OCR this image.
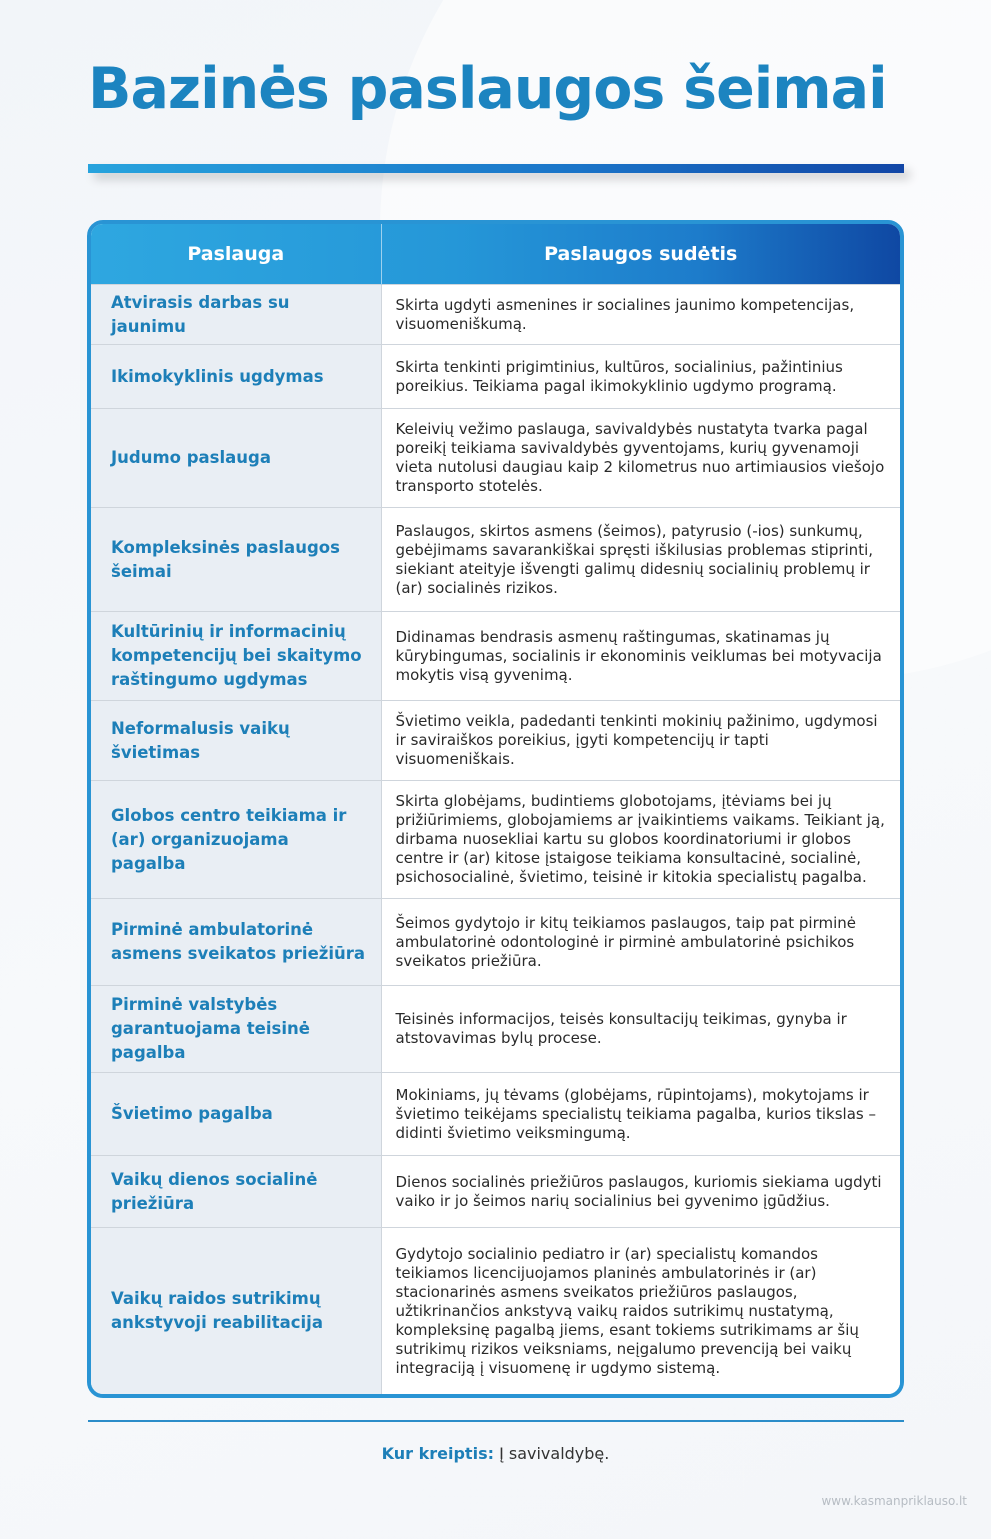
Bazinės paslaugos šeimai
Paslauga	Paslaugos sudėtis
Atvirasis darbas su jaunimu	Skirta ugdyti asmenines ir socialines jaunimo kompetencijas, visuomeniškumą.
Ikimokyklinis ugdymas	Skirta tenkinti prigimtinius, kultūros, socialinius, pažintinius poreikius. Teikiama pagal ikimokyklinio ugdymo programą.
Judumo paslauga	Keleivių vežimo paslauga, savivaldybės nustatyta tvarka pagal poreikį teikiama savivaldybės gyventojams, kurių gyvenamoji vieta nutolusi daugiau kaip 2 kilometrus nuo artimiausios viešojo transporto stotelės.
Kompleksinės paslaugos šeimai	Paslaugos, skirtos asmens (šeimos), patyrusio (-ios) sunkumų, gebėjimams savarankiškai spręsti iškilusias problemas stiprinti, siekiant ateityje išvengti galimų didesnių socialinių problemų ir (ar) socialinės rizikos.
Kultūrinių ir informacinių kompetencijų bei skaitymo raštingumo ugdymas	Didinamas bendrasis asmenų raštingumas, skatinamas jų kūrybingumas, socialinis ir ekonominis veiklumas bei motyvacija mokytis visą gyvenimą.
Neformalusis vaikų švietimas	Švietimo veikla, padedanti tenkinti mokinių pažinimo, ugdymosi ir saviraiškos poreikius, įgyti kompetencijų ir tapti visuomeniškais.
Globos centro teikiama ir (ar) organizuojama pagalba	Skirta globėjams, budintiems globotojams, įtėviams bei jų prižiūrimiems, globojamiems ar įvaikintiems vaikams. Teikiant ją, dirbama nuosekliai kartu su globos koordinatoriumi ir globos centre ir (ar) kitose įstaigose teikiama konsultacinė, socialinė, psichosocialinė, švietimo, teisinė ir kitokia specialistų pagalba.
Pirminė ambulatorinė asmens sveikatos priežiūra	Šeimos gydytojo ir kitų teikiamos paslaugos, taip pat pirminė ambulatorinė odontologinė ir pirminė ambulatorinė psichikos sveikatos priežiūra.
Pirminė valstybės garantuojama teisinė pagalba	Teisinės informacijos, teisės konsultacijų teikimas, gynyba ir atstovavimas bylų procese.
Švietimo pagalba	Mokiniams, jų tėvams (globėjams, rūpintojams), mokytojams ir švietimo teikėjams specialistų teikiama pagalba, kurios tikslas – didinti švietimo veiksmingumą.
Vaikų dienos socialinė priežiūra	Dienos socialinės priežiūros paslaugos, kuriomis siekiama ugdyti vaiko ir jo šeimos narių socialinius bei gyvenimo įgūdžius.
Vaikų raidos sutrikimų ankstyvoji reabilitacija	Gydytojo socialinio pediatro ir (ar) specialistų komandos teikiamos licencijuojamos planinės ambulatorinės ir (ar) stacionarinės asmens sveikatos priežiūros paslaugos, užtikrinančios ankstyvą vaikų raidos sutrikimų nustatymą, kompleksinę pagalbą jiems, esant tokiems sutrikimams ar šių sutrikimų rizikos veiksniams, neįgalumo prevenciją bei vaikų integraciją į visuomenę ir ugdymo sistemą.
Kur kreiptis: Į savivaldybę.
www.kasmanpriklauso.lt
